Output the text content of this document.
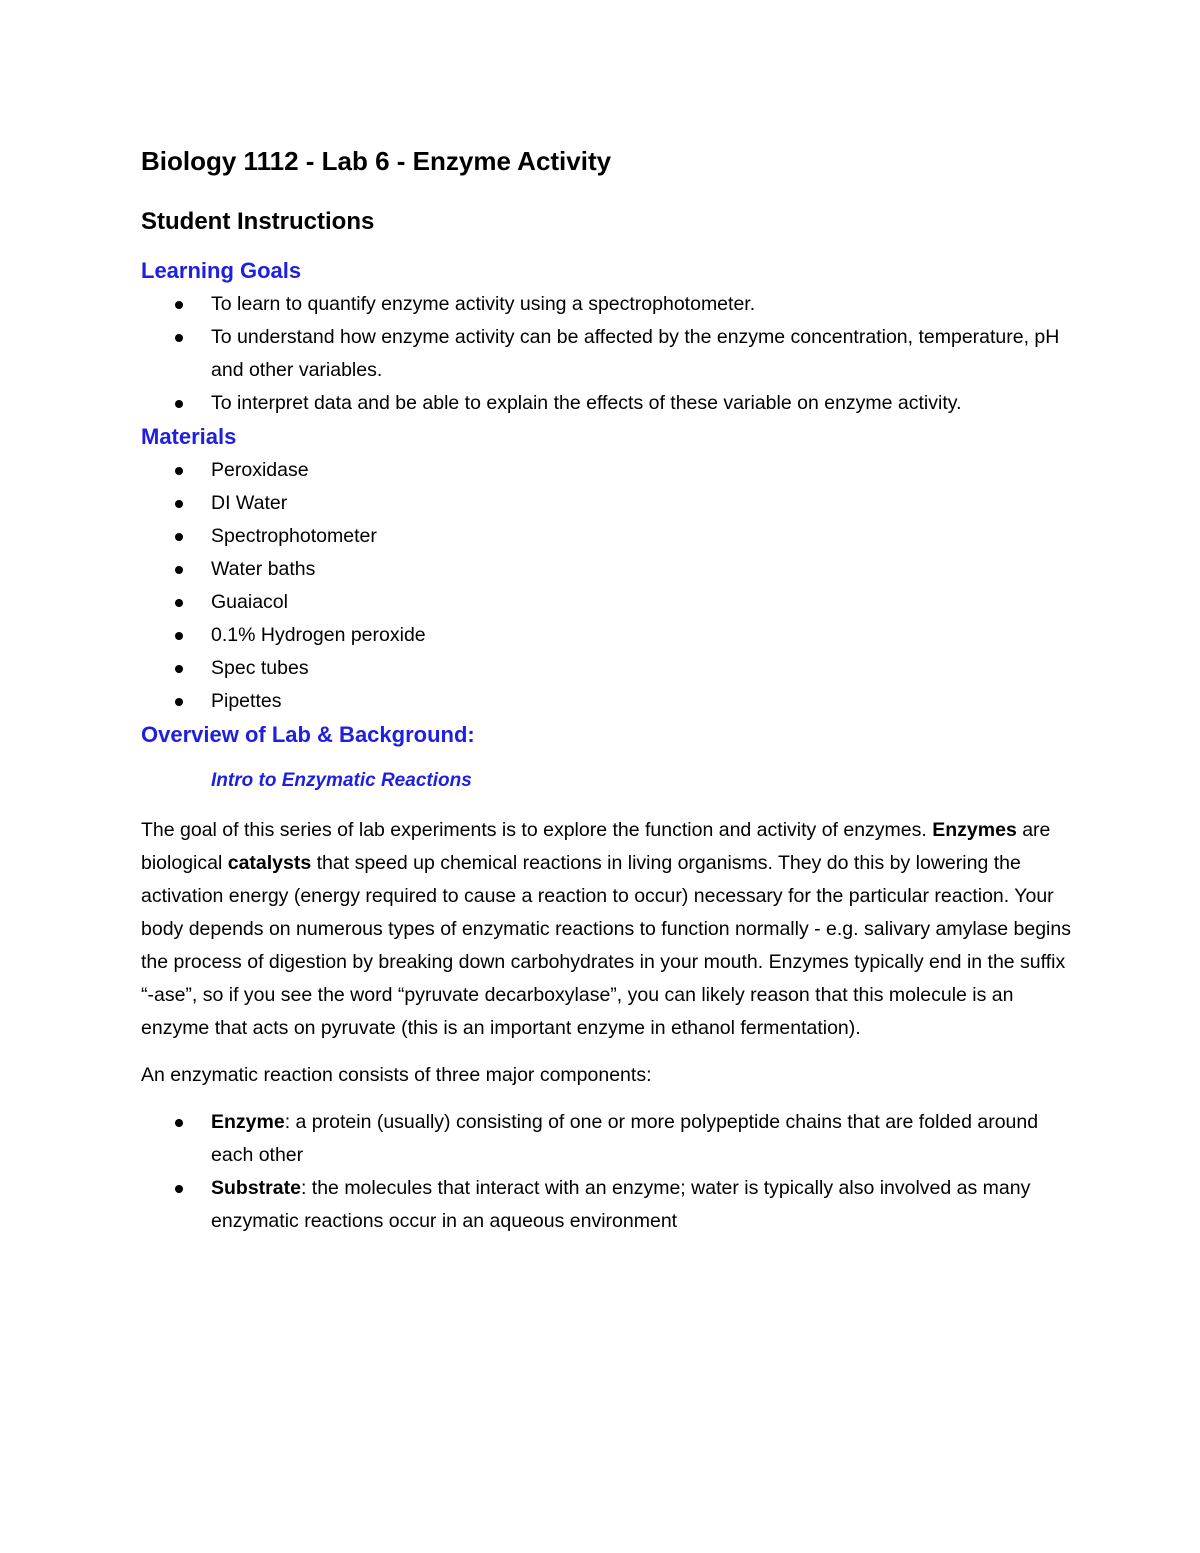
Biology 1112 - Lab 6 - Enzyme Activity
Student Instructions
Learning Goals
To learn to quantify enzyme activity using a spectrophotometer.
To understand how enzyme activity can be affected by the enzyme concentration, temperature, pH and other variables.
To interpret data and be able to explain the effects of these variable on enzyme activity.
Materials
Peroxidase
DI Water
Spectrophotometer
Water baths
Guaiacol
0.1% Hydrogen peroxide
Spec tubes
Pipettes
Overview of Lab & Background:
Intro to Enzymatic Reactions

The goal of this series of lab experiments is to explore the function and activity of enzymes. Enzymes are biological catalysts that speed up chemical reactions in living organisms. They do this by lowering the activation energy (energy required to cause a reaction to occur) necessary for the particular reaction. Your body depends on numerous types of enzymatic reactions to function normally - e.g. salivary amylase begins the process of digestion by breaking down carbohydrates in your mouth. Enzymes typically end in the suffix “-ase”, so if you see the word “pyruvate decarboxylase”, you can likely reason that this molecule is an enzyme that acts on pyruvate (this is an important enzyme in ethanol fermentation).

An enzymatic reaction consists of three major components:

Enzyme: a protein (usually) consisting of one or more polypeptide chains that are folded around each other
Substrate: the molecules that interact with an enzyme; water is typically also involved as many enzymatic reactions occur in an aqueous environment
